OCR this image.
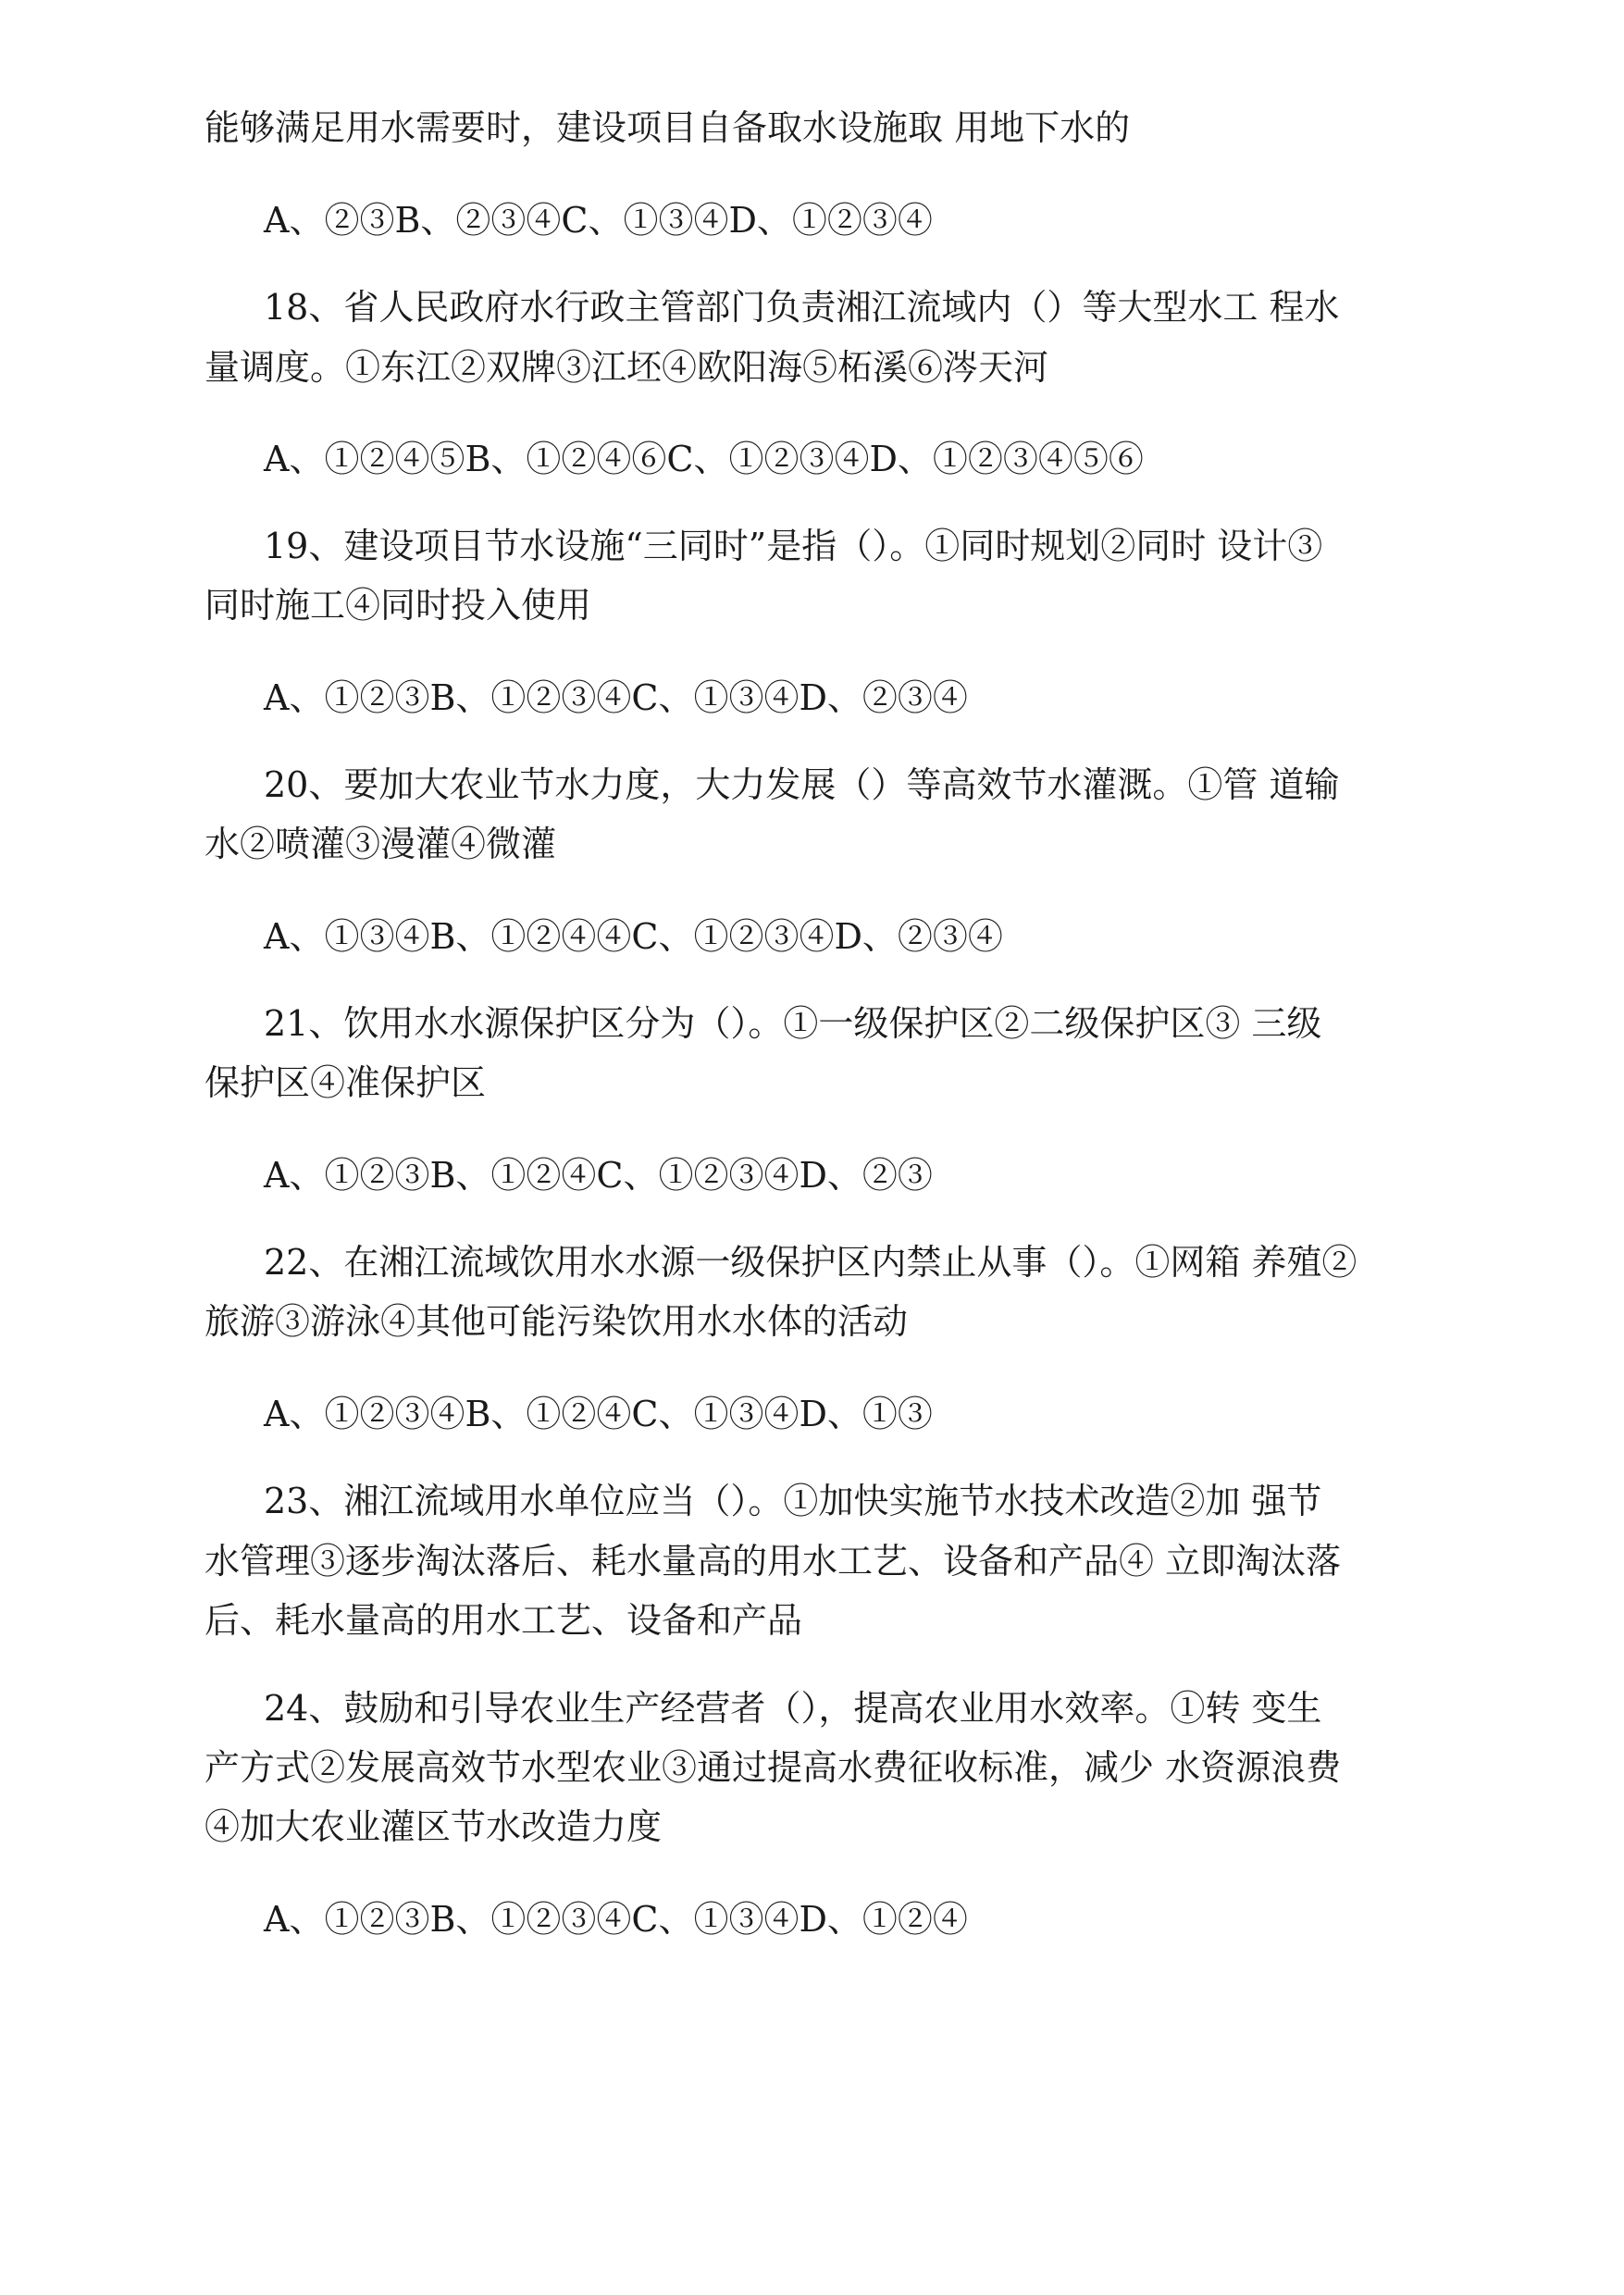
能够满足用水需要时，建设项目自备取水设施取 用地下水的
A、②③B、②③④C、①③④D、①②③④
18、省人民政府水行政主管部门负责湘江流域内（）等大型水工 程水
量调度。①东江②双牌③江坯④欧阳海⑤柘溪⑥涔天河
A、①②④⑤B、①②④⑥C、①②③④D、①②③④⑤⑥
19、建设项目节水设施“三同时”是指（）。①同时规划②同时 设计③
同时施工④同时投入使用
A、①②③B、①②③④C、①③④D、②③④
20、要加大农业节水力度，大力发展（）等高效节水灌溉。①管 道输
水②喷灌③漫灌④微灌
A、①③④B、①②④④C、①②③④D、②③④
21、饮用水水源保护区分为（）。①一级保护区②二级保护区③ 三级
保护区④准保护区
A、①②③B、①②④C、①②③④D、②③
22、在湘江流域饮用水水源一级保护区内禁止从事（）。①网箱 养殖②
旅游③游泳④其他可能污染饮用水水体的活动
A、①②③④B、①②④C、①③④D、①③
23、湘江流域用水单位应当（）。①加快实施节水技术改造②加 强节
水管理③逐步淘汰落后、耗水量高的用水工艺、设备和产品④ 立即淘汰落
后、耗水量高的用水工艺、设备和产品
24、鼓励和引导农业生产经营者（），提高农业用水效率。①转 变生
产方式②发展高效节水型农业③通过提高水费征收标准，减少 水资源浪费
④加大农业灌区节水改造力度
A、①②③B、①②③④C、①③④D、①②④
